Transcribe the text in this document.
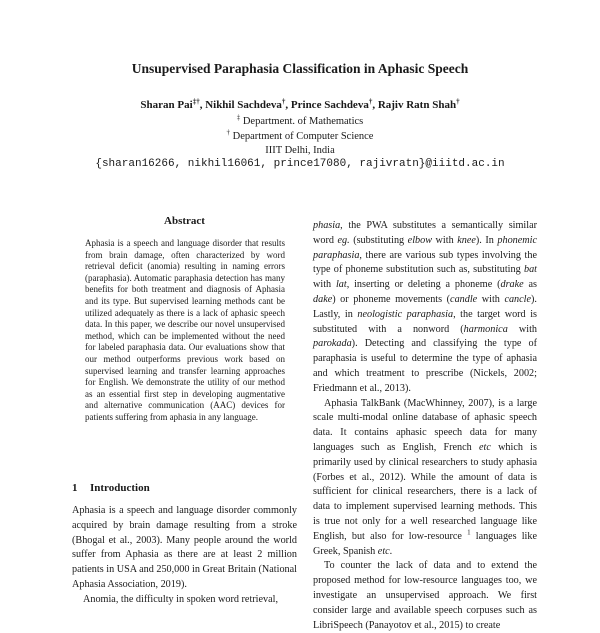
Unsupervised Paraphasia Classification in Aphasic Speech
Sharan Pai‡†, Nikhil Sachdeva†, Prince Sachdeva†, Rajiv Ratn Shah†
‡ Department. of Mathematics
† Department of Computer Science
IIIT Delhi, India
{sharan16266, nikhil16061, prince17080, rajivratn}@iiitd.ac.in
Abstract

Aphasia is a speech and language disorder that results from brain damage, often characterized by word retrieval deficit (anomia) resulting in naming errors (paraphasia). Automatic paraphasia detection has many benefits for both treatment and diagnosis of Aphasia and its type. But supervised learning methods cant be utilized adequately as there is a lack of aphasic speech data. In this paper, we describe our novel unsupervised method, which can be implemented without the need for labeled paraphasia data. Our evaluations show that our method outperforms previous work based on supervised learning and transfer learning approaches for English. We demonstrate the utility of our method as an essential first step in developing augmentative and alternative communication (AAC) devices for patients suffering from aphasia in any language.

1 Introduction

Aphasia is a speech and language disorder commonly acquired by brain damage resulting from a stroke (Bhogal et al., 2003). Many people around the world suffer from Aphasia as there are at least 2 million patients in USA and 250,000 in Great Britain (National Aphasia Association, 2019).

Anomia, the difficulty in spoken word retrieval,

phasia, the PWA substitutes a semantically similar word eg. (substituting elbow with knee). In phonemic paraphasia, there are various sub types involving the type of phoneme substitution such as, substituting bat with lat, inserting or deleting a phoneme (drake as dake) or phoneme movements (candle with cancle). Lastly, in neologistic paraphasia, the target word is substituted with a nonword (harmonica with parokada). Detecting and classifying the type of paraphasia is useful to determine the type of aphasia and which treatment to prescribe (Nickels, 2002; Friedmann et al., 2013).

Aphasia TalkBank (MacWhinney, 2007), is a large scale multi-modal online database of aphasic speech data. It contains aphasic speech data for many languages such as English, French etc which is primarily used by clinical researchers to study aphasia (Forbes et al., 2012). While the amount of data is sufficient for clinical researchers, there is a lack of data to implement supervised learning methods. This is true not only for a well researched language like English, but also for low-resource $^1$ languages like Greek, Spanish etc.

To counter the lack of data and to extend the proposed method for low-resource languages too, we investigate an unsupervised approach. We first consider large and available speech corpuses such as LibriSpeech (Panayotov et al., 2015) to create
